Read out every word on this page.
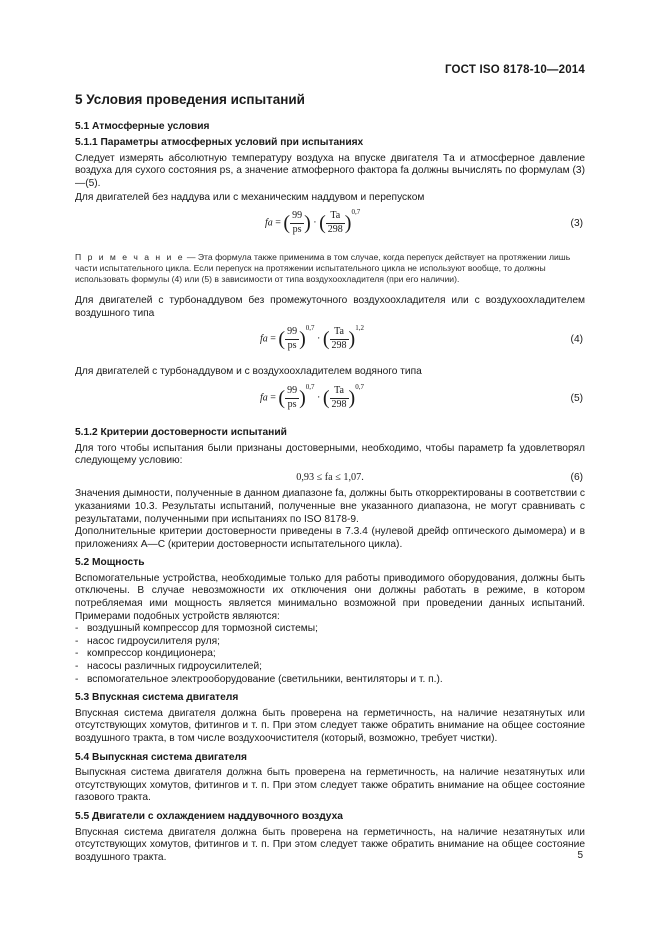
ГОСТ ISO 8178-10—2014
5 Условия проведения испытаний
5.1 Атмосферные условия
5.1.1 Параметры атмосферных условий при испытаниях

Следует измерять абсолютную температуру воздуха на впуске двигателя Tа и атмосферное давление воздуха для сухого состояния ps, а значение атмоферного фактора fa должны вычислять по формулам (3)—(5).

Для двигателей без наддува или с механическим наддувом и перепуском

fa = ( $\frac{99}{ps}$ ) · ( $\frac{Ta}{298} )^{0,7}$
(3)
П р и м е ч а н и е — Эта формула также применима в том случае, когда перепуск действует на протяжении лишь части испытательного цикла. Если перепуск на протяжении испытательного цикла не используют вообще, то должны использовать формулы (4) или (5) в зависимости от типа воздухоохладителя (при его наличии).

Для двигателей с турбонаддувом без промежуточного воздухоохладителя или с воздухоохладителем воздушного типа

fa = ( $\frac{99}{ps} )^{0,7}$ · ( $\frac{Ta}{298} )^{1,2}$
(4)

Для двигателей с турбонаддувом и с воздухоохладителем водяного типа

fa = ( $\frac{99}{ps} )^{0,7}$ · ( $\frac{Ta}{298} )^{0,7}$
(5)
5.1.2 Критерии достоверности испытаний

Для того чтобы испытания были признаны достоверными, необходимо, чтобы параметр fa удовлетворял следующему условию:

0,93 ≤ fa ≤ 1,07.	(6)

Значения дымности, полученные в данном диапазоне fa, должны быть откорректированы в соответствии с указаниями 10.3. Результаты испытаний, полученные вне указанного диапазона, не могут сравнивать с результатами, полученными при испытаниях по ISO 8178-9.

Дополнительные критерии достоверности приведены в 7.3.4 (нулевой дрейф оптического дымомера) и в приложениях А—С (критерии достоверности испытательного цикла).

5.2 Мощность

Вспомогательные устройства, необходимые только для работы приводимого оборудования, должны быть отключены. В случае невозможности их отключения они должны работать в режиме, в котором потребляемая ими мощность является минимально возможной при проведении данных испытаний. Примерами подобных устройств являются:

- воздушный компрессор для тормозной системы;
- насос гидроусилителя руля;
- компрессор кондиционера;
- насосы различных гидроусилителей;
- вспомогательное электрооборудование (светильники, вентиляторы и т. п.).
5.3 Впускная система двигателя

Впускная система двигателя должна быть проверена на герметичность, на наличие незатянутых или отсутствующих хомутов, фитингов и т. п. При этом следует также обратить внимание на общее состояние воздушного тракта, в том числе воздухоочистителя (который, возможно, требует чистки).

5.4 Выпускная система двигателя

Выпускная система двигателя должна быть проверена на герметичность, на наличие незатянутых или отсутствующих хомутов, фитингов и т. п. При этом следует также обратить внимание на общее состояние газового тракта.

5.5 Двигатели с охлаждением наддувочного воздуха

Впускная система двигателя должна быть проверена на герметичность, на наличие незатянутых или отсутствующих хомутов, фитингов и т. п. При этом следует также обратить внимание на общее состояние воздушного тракта.	5
